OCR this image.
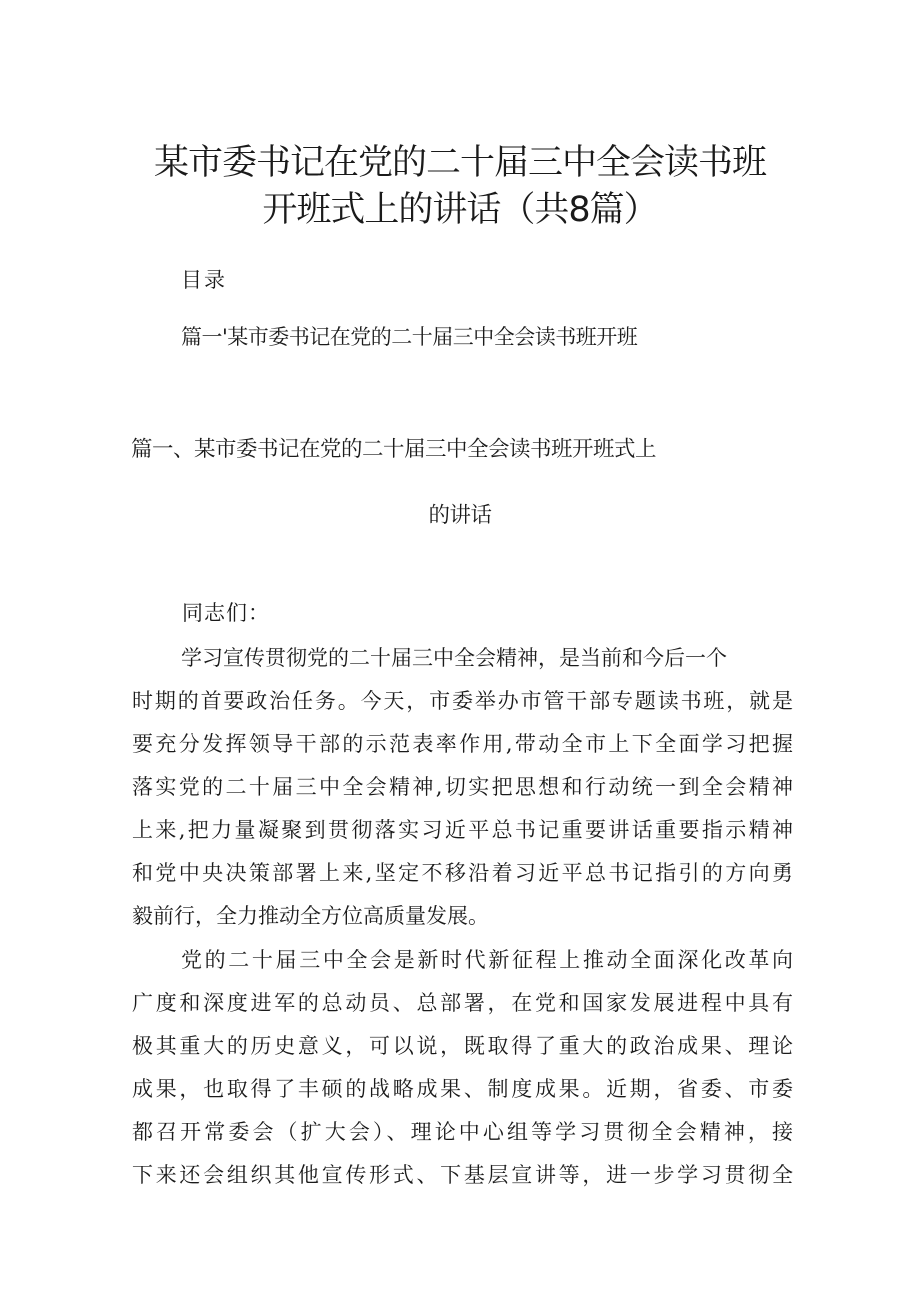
某市委书记在党的二十届三中全会读书班
开班式上的讲话（共8篇）
目录
篇一'某市委书记在党的二十届三中全会读书班开班
篇一、某市委书记在党的二十届三中全会读书班开班式上
的讲话
同志们：
学习宣传贯彻党的二十届三中全会精神，是当前和今后一个
时期的首要政治任务。今天，市委举办市管干部专题读书班，就是
要充分发挥领导干部的示范表率作用,带动全市上下全面学习把握
落实党的二十届三中全会精神,切实把思想和行动统一到全会精神
上来,把力量凝聚到贯彻落实习近平总书记重要讲话重要指示精神
和党中央决策部署上来,坚定不移沿着习近平总书记指引的方向勇
毅前行，全力推动全方位高质量发展。
党的二十届三中全会是新时代新征程上推动全面深化改革向
广度和深度进军的总动员、总部署，在党和国家发展进程中具有
极其重大的历史意义，可以说，既取得了重大的政治成果、理论
成果，也取得了丰硕的战略成果、制度成果。近期，省委、市委
都召开常委会（扩大会）、理论中心组等学习贯彻全会精神，接
下来还会组织其他宣传形式、下基层宣讲等，进一步学习贯彻全
